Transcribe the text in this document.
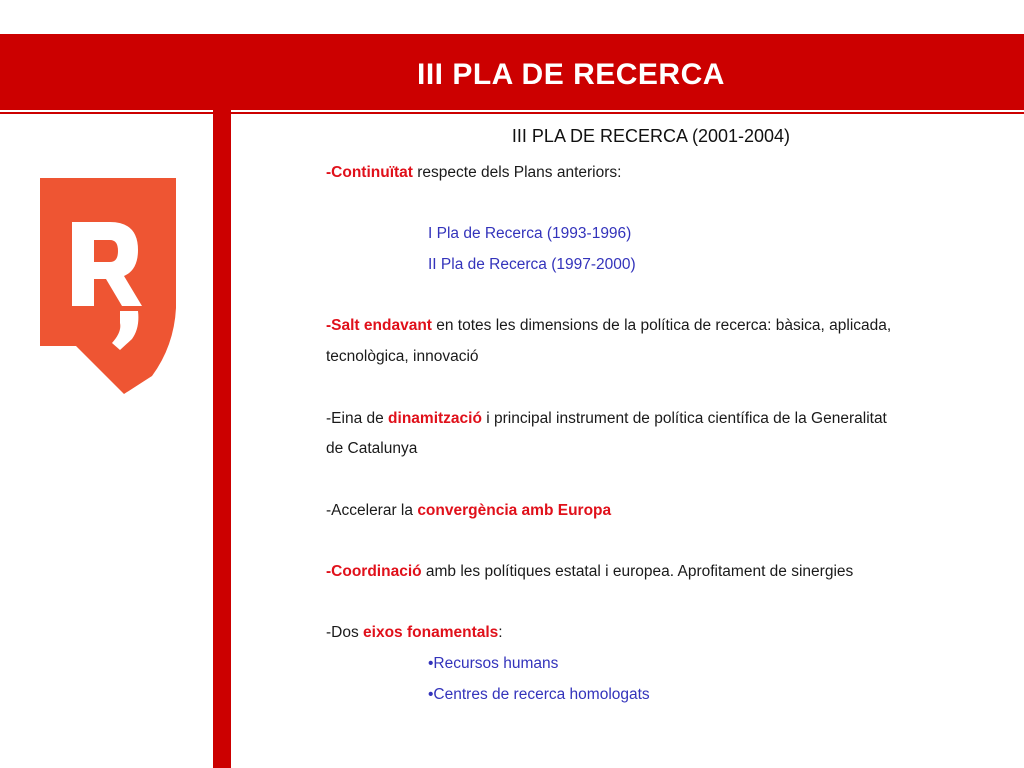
III PLA DE RECERCA
III PLA DE RECERCA (2001-2004)
-Continuïtat respecte dels Plans anteriors:
I Pla de Recerca (1993-1996)
II Pla de Recerca (1997-2000)
-Salt endavant en totes les dimensions de la política de recerca: bàsica, aplicada,
tecnològica, innovació
-Eina de dinamització i principal instrument de política científica de la Generalitat
de Catalunya
-Accelerar la convergència amb Europa
-Coordinació amb les polítiques estatal i europea. Aprofitament de sinergies
-Dos eixos fonamentals:
•Recursos humans
•Centres de recerca homologats
